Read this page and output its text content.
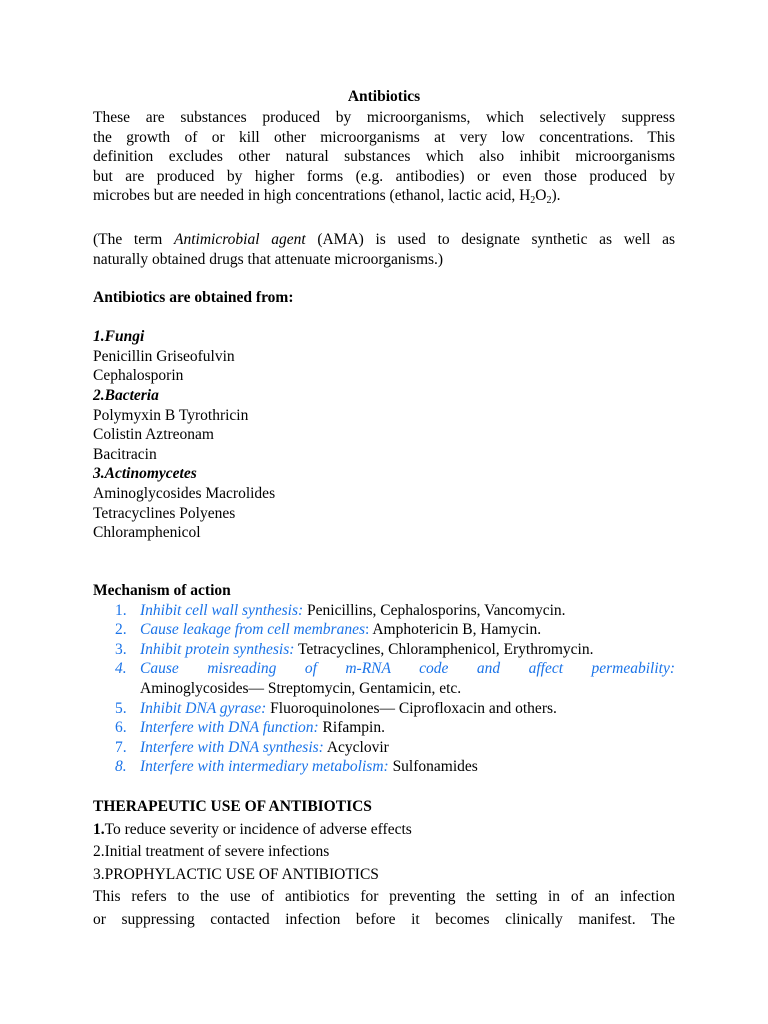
Antibiotics

These are substances produced by microorganisms, which selectively suppress
the growth of or kill other microorganisms at very low concentrations. This
definition excludes other natural substances which also inhibit microorganisms
but are produced by higher forms (e.g. antibodies) or even those produced by

microbes but are needed in high concentrations (ethanol, lactic acid, $H_2O_2$).

(The term Antimicrobial agent (AMA) is used to designate synthetic as well as

naturally obtained drugs that attenuate microorganisms.)

Antibiotics are obtained from:

1.Fungi

Penicillin Griseofulvin

Cephalosporin

2.Bacteria

Polymyxin B Tyrothricin

Colistin Aztreonam

Bacitracin

3.Actinomycetes

Aminoglycosides Macrolides

Tetracyclines Polyenes

Chloramphenicol

Mechanism of action

1. Inhibit cell wall synthesis: Penicillins, Cephalosporins, Vancomycin.
2. Cause leakage from cell membranes: Amphotericin B, Hamycin.
3. Inhibit protein synthesis: Tetracyclines, Chloramphenicol, Erythromycin.
4. Cause misreading of m-RNA code and affect permeability:
Aminoglycosides— Streptomycin, Gentamicin, etc.
5. Inhibit DNA gyrase: Fluoroquinolones— Ciprofloxacin and others.
6. Interfere with DNA function: Rifampin.
7. Interfere with DNA synthesis: Acyclovir
8. Interfere with intermediary metabolism: Sulfonamides

THERAPEUTIC USE OF ANTIBIOTICS

1.To reduce severity or incidence of adverse effects

2.Initial treatment of severe infections

3.PROPHYLACTIC USE OF ANTIBIOTICS

This refers to the use of antibiotics for preventing the setting in of an infection
or suppressing contacted infection before it becomes clinically manifest. The
